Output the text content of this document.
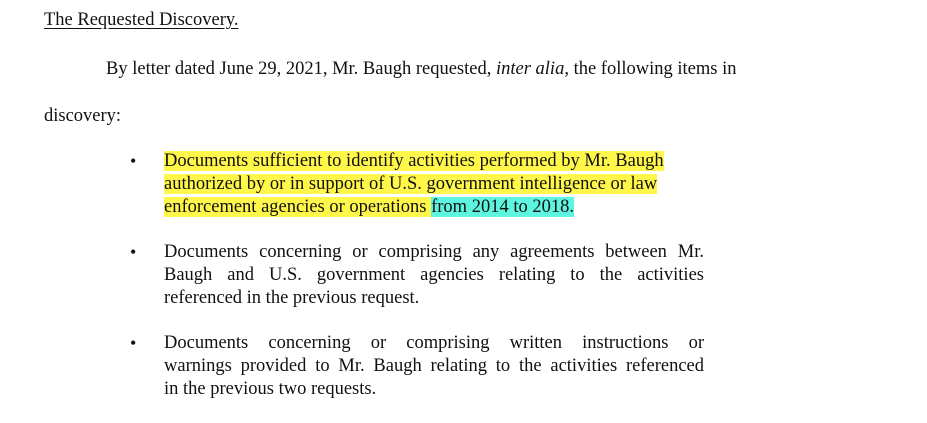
The Requested Discovery.
By letter dated June 29, 2021, Mr. Baugh requested, inter alia, the following items in
discovery:
•	Documents sufficient to identify activities performed by Mr. Baugh
authorized by or in support of U.S. government intelligence or law
enforcement agencies or operations from 2014 to 2018.
•	Documents concerning or comprising any agreements between Mr.
Baugh and U.S. government agencies relating to the activities
referenced in the previous request.
•	Documents concerning or comprising written instructions or
warnings provided to Mr. Baugh relating to the activities referenced
in the previous two requests.
